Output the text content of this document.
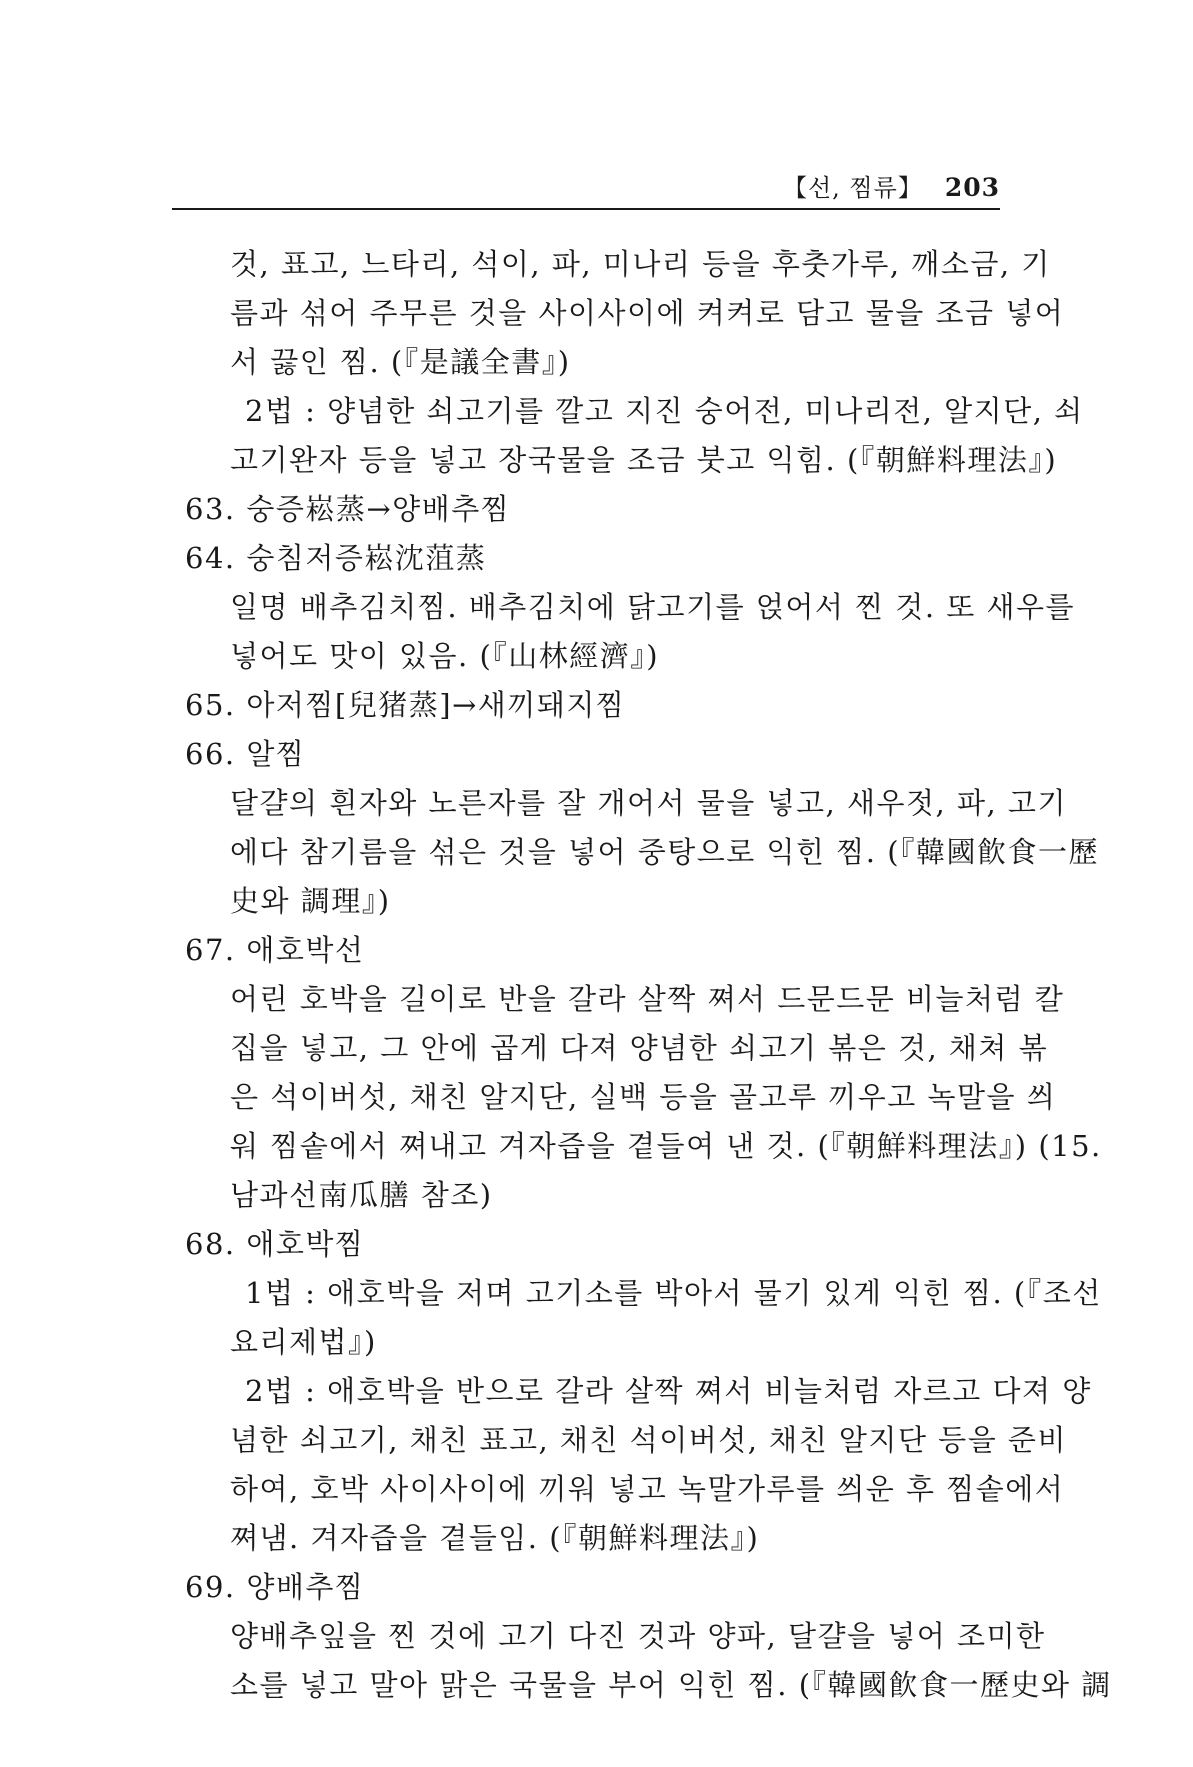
【선, 찜류】 203
것, 표고, 느타리, 석이, 파, 미나리 등을 후춧가루, 깨소금, 기
름과 섞어 주무른 것을 사이사이에 켜켜로 담고 물을 조금 넣어
서 끓인 찜. (『是議全書』)
2법 : 양념한 쇠고기를 깔고 지진 숭어전, 미나리전, 알지단, 쇠
고기완자 등을 넣고 장국물을 조금 붓고 익힘. (『朝鮮料理法』)
63. 숭증崧蒸→양배추찜
64. 숭침저증崧沈菹蒸
일명 배추김치찜. 배추김치에 닭고기를 얹어서 찐 것. 또 새우를
넣어도 맛이 있음. (『山林經濟』)
65. 아저찜[兒猪蒸]→새끼돼지찜
66. 알찜
달걀의 흰자와 노른자를 잘 개어서 물을 넣고, 새우젓, 파, 고기
에다 참기름을 섞은 것을 넣어 중탕으로 익힌 찜. (『韓國飮食一歷
史와 調理』)
67. 애호박선
어린 호박을 길이로 반을 갈라 살짝 쪄서 드문드문 비늘처럼 칼
집을 넣고, 그 안에 곱게 다져 양념한 쇠고기 볶은 것, 채쳐 볶
은 석이버섯, 채친 알지단, 실백 등을 골고루 끼우고 녹말을 씌
워 찜솥에서 쪄내고 겨자즙을 곁들여 낸 것. (『朝鮮料理法』) (15.
남과선南瓜膳 참조)
68. 애호박찜
1법 : 애호박을 저며 고기소를 박아서 물기 있게 익힌 찜. (『조선
요리제법』)
2법 : 애호박을 반으로 갈라 살짝 쪄서 비늘처럼 자르고 다져 양
념한 쇠고기, 채친 표고, 채친 석이버섯, 채친 알지단 등을 준비
하여, 호박 사이사이에 끼워 넣고 녹말가루를 씌운 후 찜솥에서
쪄냄. 겨자즙을 곁들임. (『朝鮮料理法』)
69. 양배추찜
양배추잎을 찐 것에 고기 다진 것과 양파, 달걀을 넣어 조미한
소를 넣고 말아 맑은 국물을 부어 익힌 찜. (『韓國飮食一歷史와 調
